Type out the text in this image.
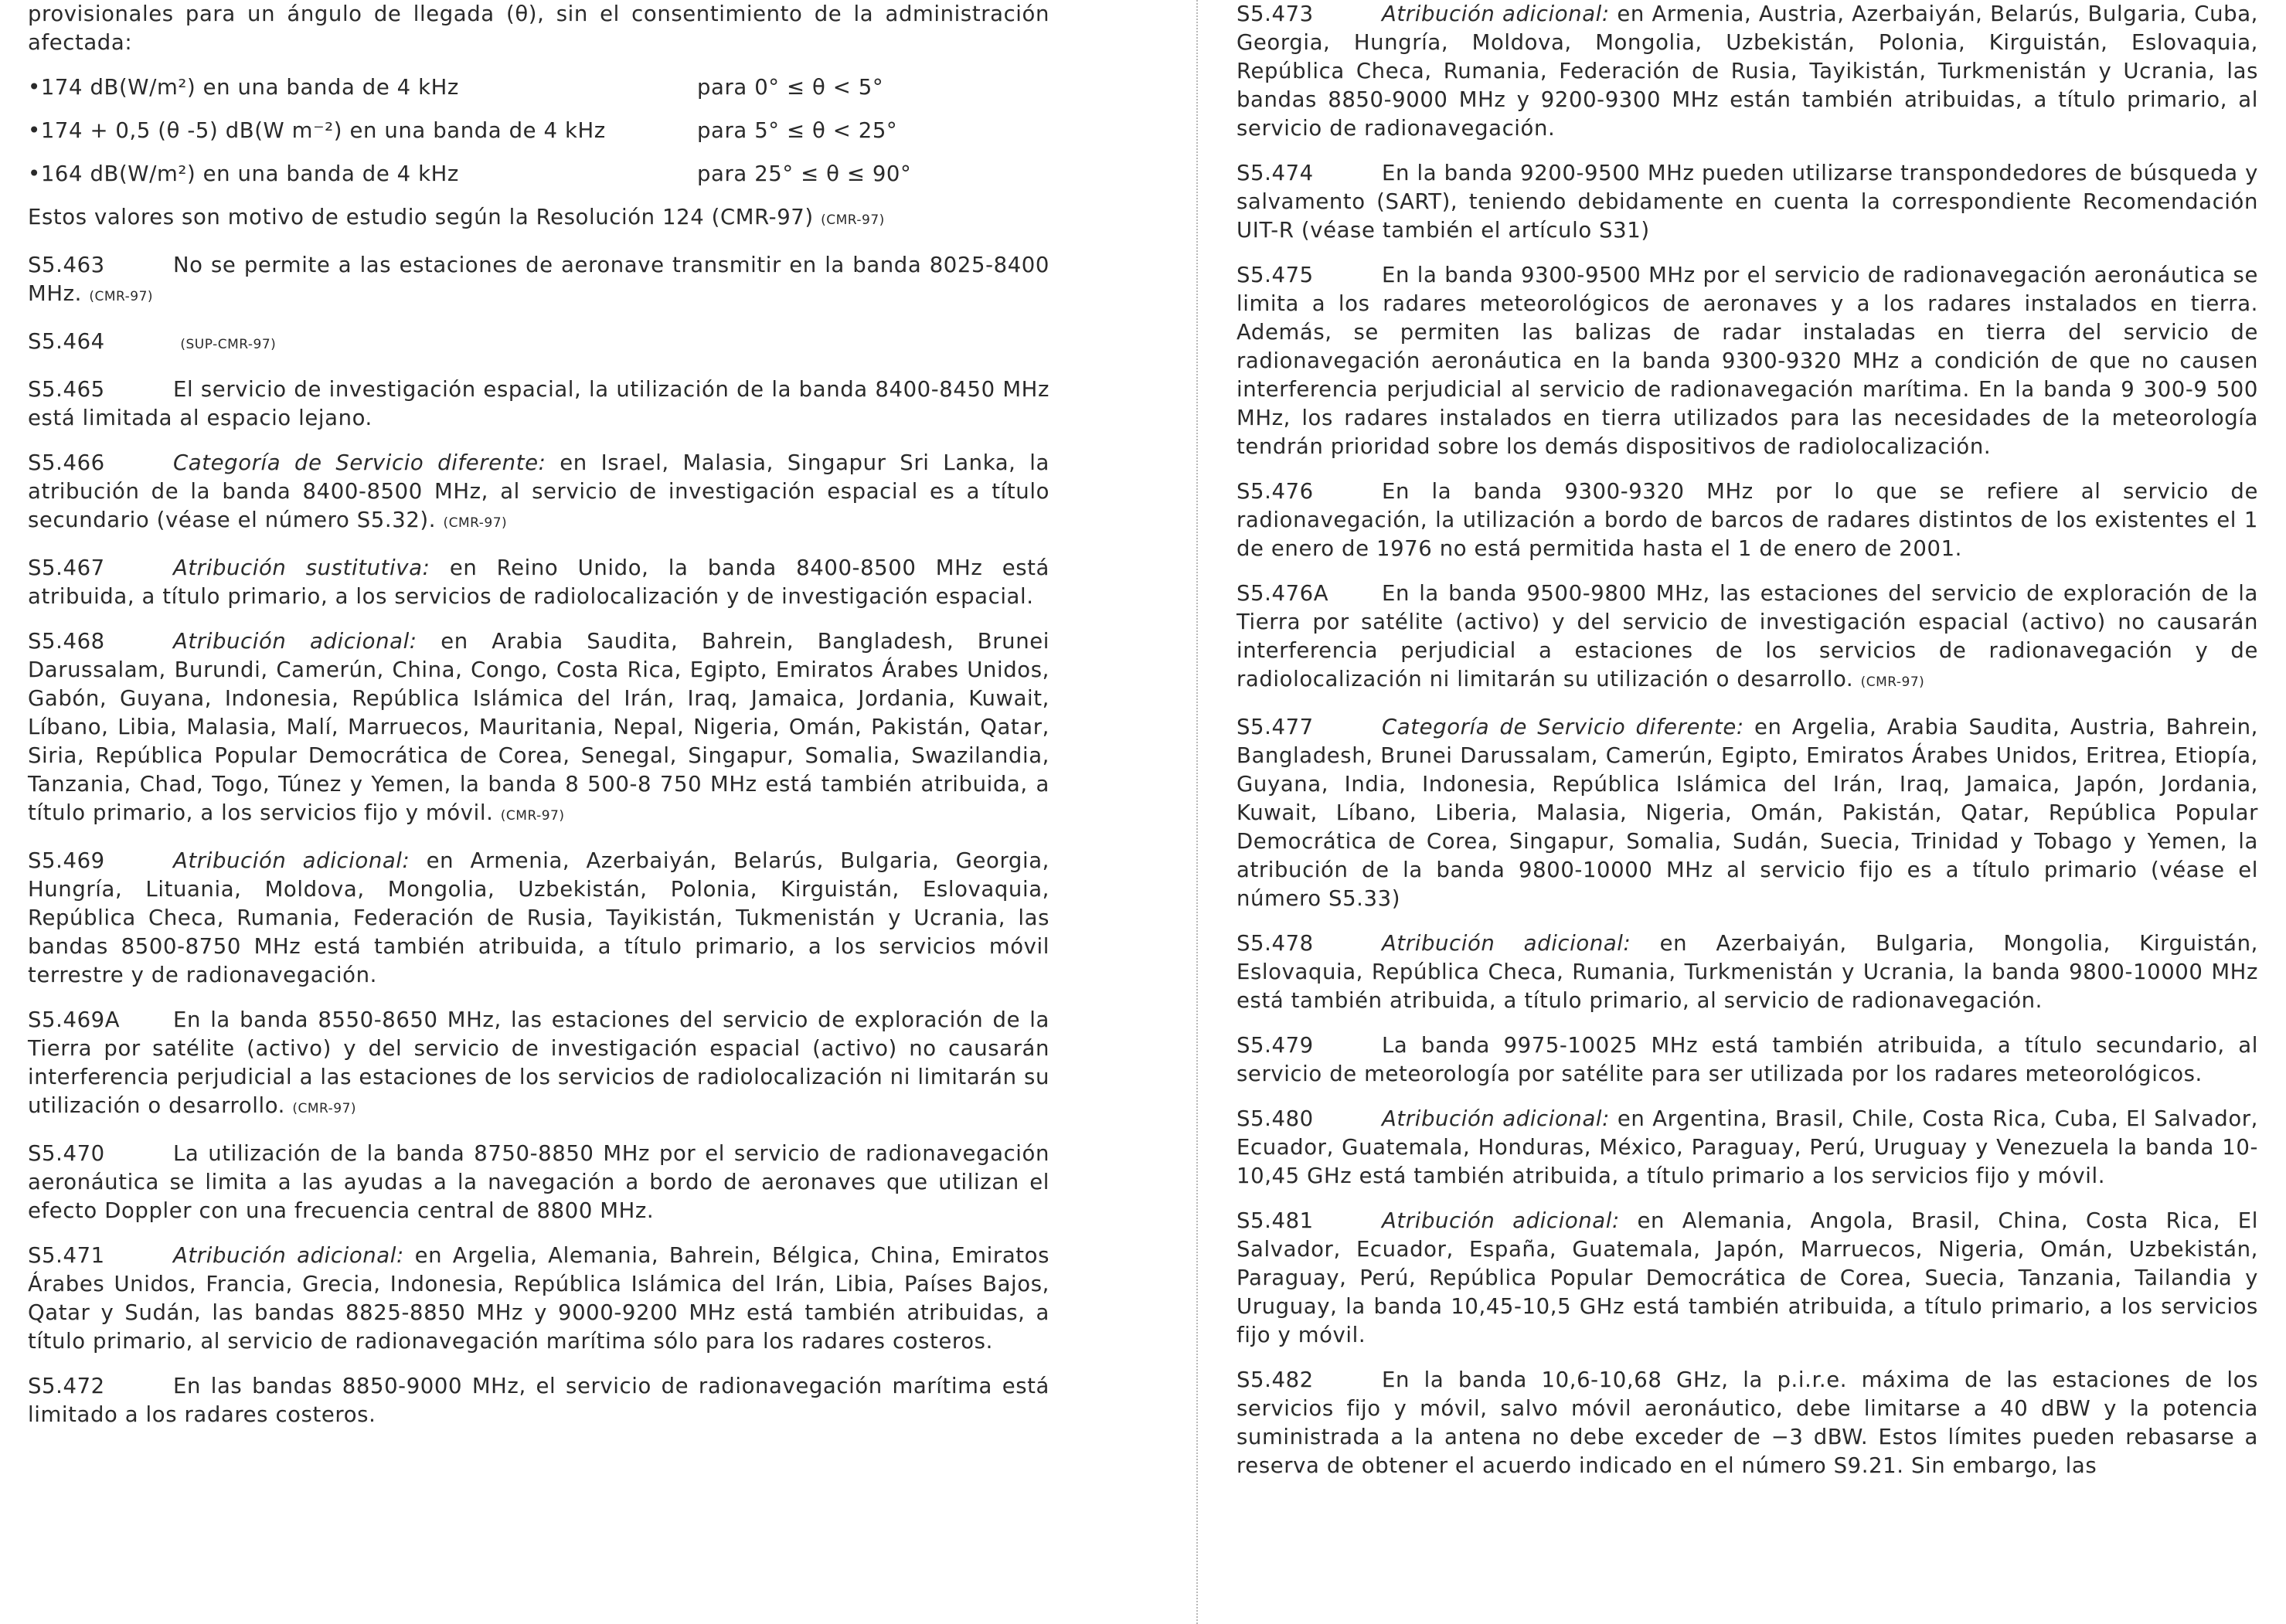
provisionales para un ángulo de llegada (θ), sin el consentimiento de la administración afectada:

•174 dB(W/m²) en una banda de 4 kHz	para 0° ≤ θ < 5°
•174 + 0,5 (θ -5) dB(W m⁻²) en una banda de 4 kHz	para 5° ≤ θ < 25°
•164 dB(W/m²) en una banda de 4 kHz	para 25° ≤ θ ≤ 90°

Estos valores son motivo de estudio según la Resolución 124 (CMR-97) (CMR-97)

S5.463	No se permite a las estaciones de aeronave transmitir en la banda 8025-8400 MHz. (CMR-97)

S5.464	(SUP-CMR-97)

S5.465	El servicio de investigación espacial, la utilización de la banda 8400-8450 MHz está limitada al espacio lejano.

S5.466	Categoría de Servicio diferente: en Israel, Malasia, Singapur Sri Lanka, la atribución de la banda 8400-8500 MHz, al servicio de investigación espacial es a título secundario (véase el número S5.32). (CMR-97)

S5.467	Atribución sustitutiva: en Reino Unido, la banda 8400-8500 MHz está atribuida, a título primario, a los servicios de radiolocalización y de investigación espacial.

S5.468	Atribución adicional: en Arabia Saudita, Bahrein, Bangladesh, Brunei Darussalam, Burundi, Camerún, China, Congo, Costa Rica, Egipto, Emiratos Árabes Unidos, Gabón, Guyana, Indonesia, República Islámica del Irán, Iraq, Jamaica, Jordania, Kuwait, Líbano, Libia, Malasia, Malí, Marruecos, Mauritania, Nepal, Nigeria, Omán, Pakistán, Qatar, Siria, República Popular Democrática de Corea, Senegal, Singapur, Somalia, Swazilandia, Tanzania, Chad, Togo, Túnez y Yemen, la banda 8 500-8 750 MHz está también atribuida, a título primario, a los servicios fijo y móvil. (CMR-97)

S5.469	Atribución adicional: en Armenia, Azerbaiyán, Belarús, Bulgaria, Georgia, Hungría, Lituania, Moldova, Mongolia, Uzbekistán, Polonia, Kirguistán, Eslovaquia, República Checa, Rumania, Federación de Rusia, Tayikistán, Tukmenistán y Ucrania, las bandas 8500-8750 MHz está también atribuida, a título primario, a los servicios móvil terrestre y de radionavegación.

S5.469A	En la banda 8550-8650 MHz, las estaciones del servicio de exploración de la Tierra por satélite (activo) y del servicio de investigación espacial (activo) no causarán interferencia perjudicial a las estaciones de los servicios de radiolocalización ni limitarán su utilización o desarrollo. (CMR-97)

S5.470	La utilización de la banda 8750-8850 MHz por el servicio de radionavegación aeronáutica se limita a las ayudas a la navegación a bordo de aeronaves que utilizan el efecto Doppler con una frecuencia central de 8800 MHz.

S5.471	Atribución adicional: en Argelia, Alemania, Bahrein, Bélgica, China, Emiratos Árabes Unidos, Francia, Grecia, Indonesia, República Islámica del Irán, Libia, Países Bajos, Qatar y Sudán, las bandas 8825-8850 MHz y 9000-9200 MHz está también atribuidas, a título primario, al servicio de radionavegación marítima sólo para los radares costeros.

S5.472	En las bandas 8850-9000 MHz, el servicio de radionavegación marítima está limitado a los radares costeros.

S5.473	Atribución adicional: en Armenia, Austria, Azerbaiyán, Belarús, Bulgaria, Cuba, Georgia, Hungría, Moldova, Mongolia, Uzbekistán, Polonia, Kirguistán, Eslovaquia, República Checa, Rumania, Federación de Rusia, Tayikistán, Turkmenistán y Ucrania, las bandas 8850-9000 MHz y 9200-9300 MHz están también atribuidas, a título primario, al servicio de radionavegación.

S5.474	En la banda 9200-9500 MHz pueden utilizarse transpondedores de búsqueda y salvamento (SART), teniendo debidamente en cuenta la correspondiente Recomendación UIT-R (véase también el artículo S31)

S5.475	En la banda 9300-9500 MHz por el servicio de radionavegación aeronáutica se limita a los radares meteorológicos de aeronaves y a los radares instalados en tierra. Además, se permiten las balizas de radar instaladas en tierra del servicio de radionavegación aeronáutica en la banda 9300-9320 MHz a condición de que no causen interferencia perjudicial al servicio de radionavegación marítima. En la banda 9 300-9 500 MHz, los radares instalados en tierra utilizados para las necesidades de la meteorología tendrán prioridad sobre los demás dispositivos de radiolocalización.

S5.476	En la banda 9300-9320 MHz por lo que se refiere al servicio de radionavegación, la utilización a bordo de barcos de radares distintos de los existentes el 1 de enero de 1976 no está permitida hasta el 1 de enero de 2001.

S5.476A	En la banda 9500-9800 MHz, las estaciones del servicio de exploración de la Tierra por satélite (activo) y del servicio de investigación espacial (activo) no causarán interferencia perjudicial a estaciones de los servicios de radionavegación y de radiolocalización ni limitarán su utilización o desarrollo. (CMR-97)

S5.477	Categoría de Servicio diferente: en Argelia, Arabia Saudita, Austria, Bahrein, Bangladesh, Brunei Darussalam, Camerún, Egipto, Emiratos Árabes Unidos, Eritrea, Etiopía, Guyana, India, Indonesia, República Islámica del Irán, Iraq, Jamaica, Japón, Jordania, Kuwait, Líbano, Liberia, Malasia, Nigeria, Omán, Pakistán, Qatar, República Popular Democrática de Corea, Singapur, Somalia, Sudán, Suecia, Trinidad y Tobago y Yemen, la atribución de la banda 9800-10000 MHz al servicio fijo es a título primario (véase el número S5.33)

S5.478	Atribución adicional: en Azerbaiyán, Bulgaria, Mongolia, Kirguistán, Eslovaquia, República Checa, Rumania, Turkmenistán y Ucrania, la banda 9800-10000 MHz está también atribuida, a título primario, al servicio de radionavegación.

S5.479	La banda 9975-10025 MHz está también atribuida, a título secundario, al servicio de meteorología por satélite para ser utilizada por los radares meteorológicos.

S5.480	Atribución adicional: en Argentina, Brasil, Chile, Costa Rica, Cuba, El Salvador, Ecuador, Guatemala, Honduras, México, Paraguay, Perú, Uruguay y Venezuela la banda 10-10,45 GHz está también atribuida, a título primario a los servicios fijo y móvil.

S5.481	Atribución adicional: en Alemania, Angola, Brasil, China, Costa Rica, El Salvador, Ecuador, España, Guatemala, Japón, Marruecos, Nigeria, Omán, Uzbekistán, Paraguay, Perú, República Popular Democrática de Corea, Suecia, Tanzania, Tailandia y Uruguay, la banda 10,45-10,5 GHz está también atribuida, a título primario, a los servicios fijo y móvil.

S5.482	En la banda 10,6-10,68 GHz, la p.i.r.e. máxima de las estaciones de los servicios fijo y móvil, salvo móvil aeronáutico, debe limitarse a 40 dBW y la potencia suministrada a la antena no debe exceder de −3 dBW. Estos límites pueden rebasarse a reserva de obtener el acuerdo indicado en el número S9.21. Sin embargo, las
